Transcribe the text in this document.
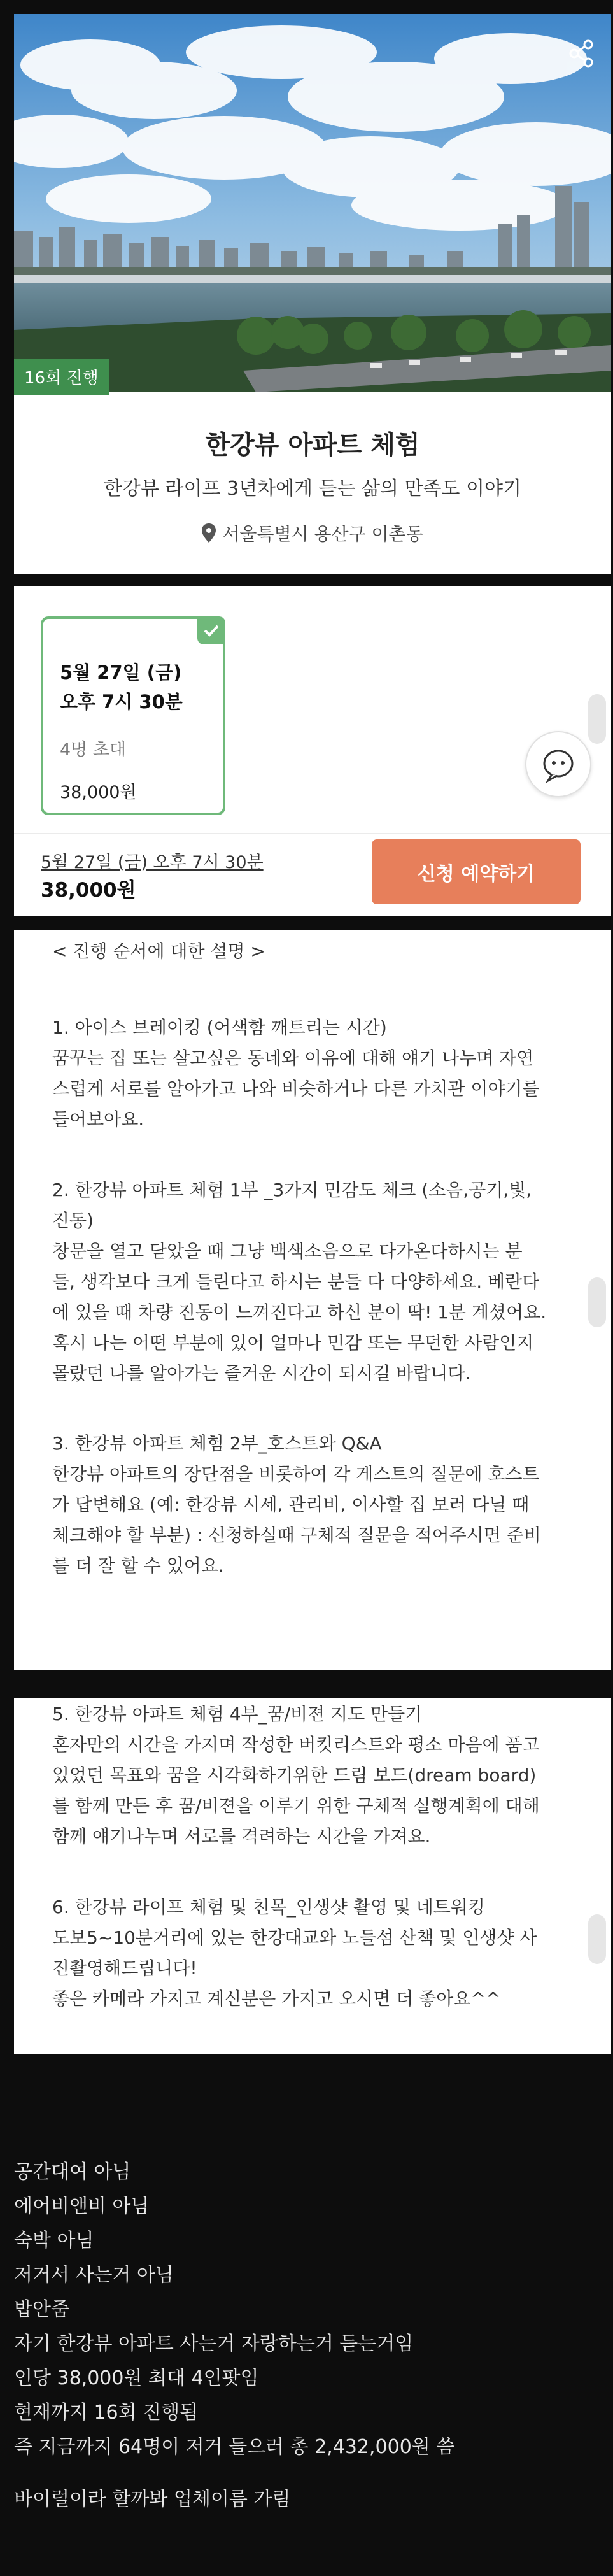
16회 진행
한강뷰 아파트 체험
한강뷰 라이프 3년차에게 듣는 삶의 만족도 이야기
서울특별시 용산구 이촌동
5월 27일 (금)
오후 7시 30분
4명 초대
38,000원
5월 27일 (금) 오후 7시 30분
38,000원
신청 예약하기
< 진행 순서에 대한 설명 >
1. 아이스 브레이킹 (어색함 깨트리는 시간)
꿈꾸는 집 또는 살고싶은 동네와 이유에 대해 얘기 나누며 자연
스럽게 서로를 알아가고 나와 비슷하거나 다른 가치관 이야기를
들어보아요.
2. 한강뷰 아파트 체험 1부 _3가지 민감도 체크 (소음,공기,빛,
진동)
창문을 열고 닫았을 때 그냥 백색소음으로 다가온다하시는 분
들, 생각보다 크게 들린다고 하시는 분들 다 다양하세요. 베란다
에 있을 때 차량 진동이 느껴진다고 하신 분이 딱! 1분 계셨어요.
혹시 나는 어떤 부분에 있어 얼마나 민감 또는 무던한 사람인지
몰랐던 나를 알아가는 즐거운 시간이 되시길 바랍니다.
3. 한강뷰 아파트 체험 2부_호스트와 Q&A
한강뷰 아파트의 장단점을 비롯하여 각 게스트의 질문에 호스트
가 답변해요 (예: 한강뷰 시세, 관리비, 이사할 집 보러 다닐 때
체크해야 할 부분) : 신청하실때 구체적 질문을 적어주시면 준비
를 더 잘 할 수 있어요.
5. 한강뷰 아파트 체험 4부_꿈/비젼 지도 만들기
혼자만의 시간을 가지며 작성한 버킷리스트와 평소 마음에 품고
있었던 목표와 꿈을 시각화하기위한 드림 보드(dream board)
를 함께 만든 후 꿈/비젼을 이루기 위한 구체적 실행계획에 대해
함께 얘기나누며 서로를 격려하는 시간을 가져요.
6. 한강뷰 라이프 체험 및 친목_인생샷 촬영 및 네트워킹
도보5~10분거리에 있는 한강대교와 노들섬 산책 및 인생샷 사
진촬영해드립니다!
좋은 카메라 가지고 계신분은 가지고 오시면 더 좋아요^^
공간대여 아님
에어비앤비 아님
숙박 아님
저거서 사는거 아님
밥안줌
자기 한강뷰 아파트 사는거 자랑하는거 듣는거임
인당 38,000원 최대 4인팟임
현재까지 16회 진행됨
즉 지금까지 64명이 저거 들으러 총 2,432,000원 씀
바이럴이라 할까봐 업체이름 가림
